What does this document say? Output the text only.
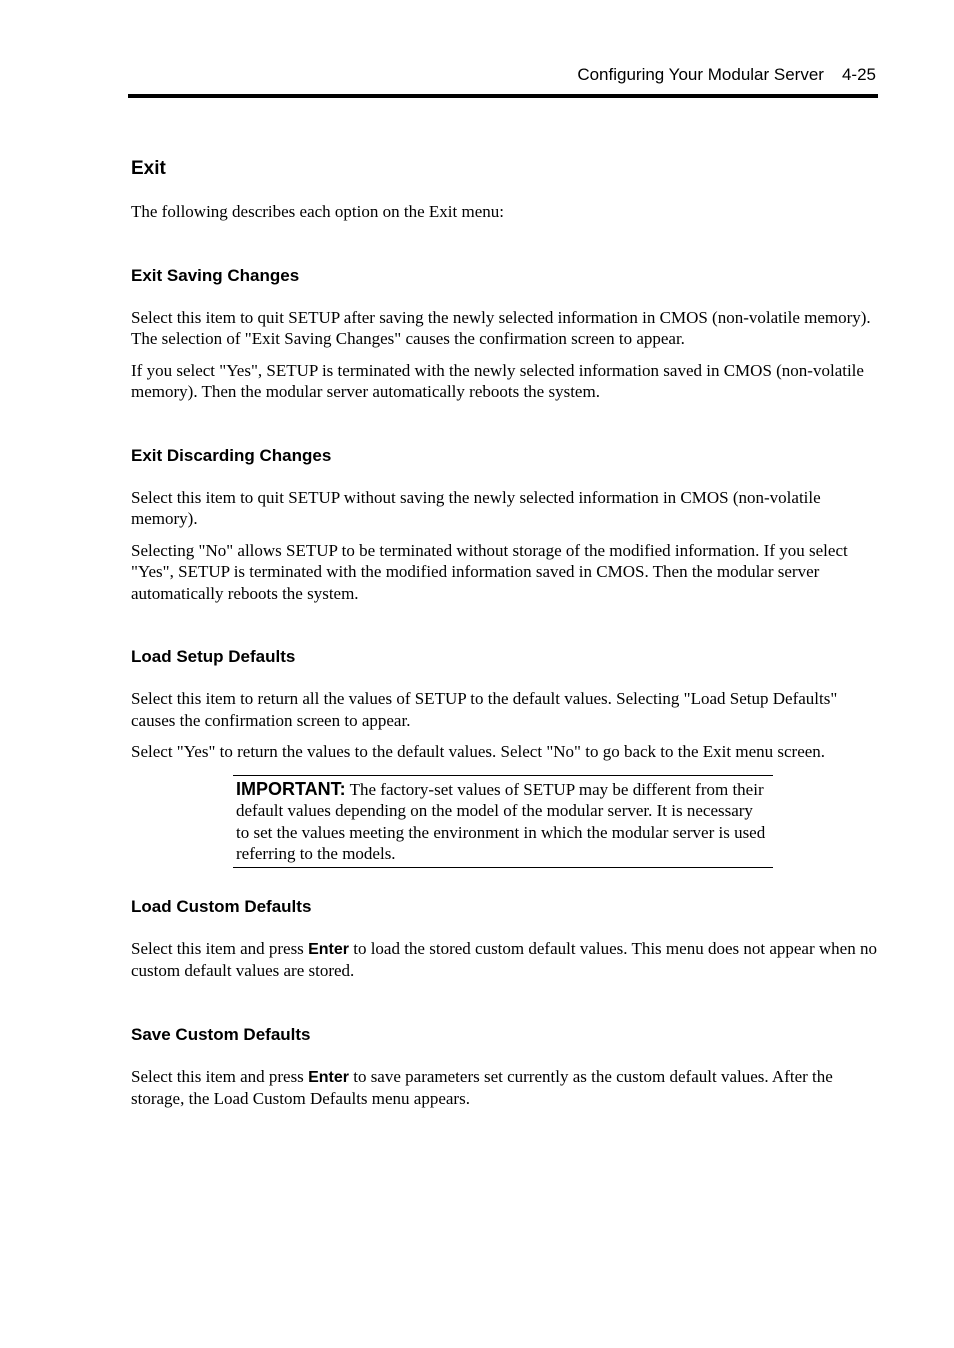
Configuring Your Modular Server 4-25
Exit

The following describes each option on the Exit menu:

Exit Saving Changes

Select this item to quit SETUP after saving the newly selected information in CMOS (non-volatile memory). The selection of "Exit Saving Changes" causes the confirmation screen to appear.

If you select "Yes", SETUP is terminated with the newly selected information saved in CMOS (non-volatile memory). Then the modular server automatically reboots the system.

Exit Discarding Changes

Select this item to quit SETUP without saving the newly selected information in CMOS (non-volatile memory).

Selecting "No" allows SETUP to be terminated without storage of the modified information. If you select "Yes", SETUP is terminated with the modified information saved in CMOS. Then the modular server automatically reboots the system.

Load Setup Defaults

Select this item to return all the values of SETUP to the default values. Selecting "Load Setup Defaults" causes the confirmation screen to appear.

Select "Yes" to return the values to the default values. Select "No" to go back to the Exit menu screen.

IMPORTANT: The factory-set values of SETUP may be different from their default values depending on the model of the modular server. It is necessary to set the values meeting the environment in which the modular server is used referring to the models.
Load Custom Defaults

Select this item and press Enter to load the stored custom default values. This menu does not appear when no custom default values are stored.

Save Custom Defaults

Select this item and press Enter to save parameters set currently as the custom default values. After the storage, the Load Custom Defaults menu appears.
